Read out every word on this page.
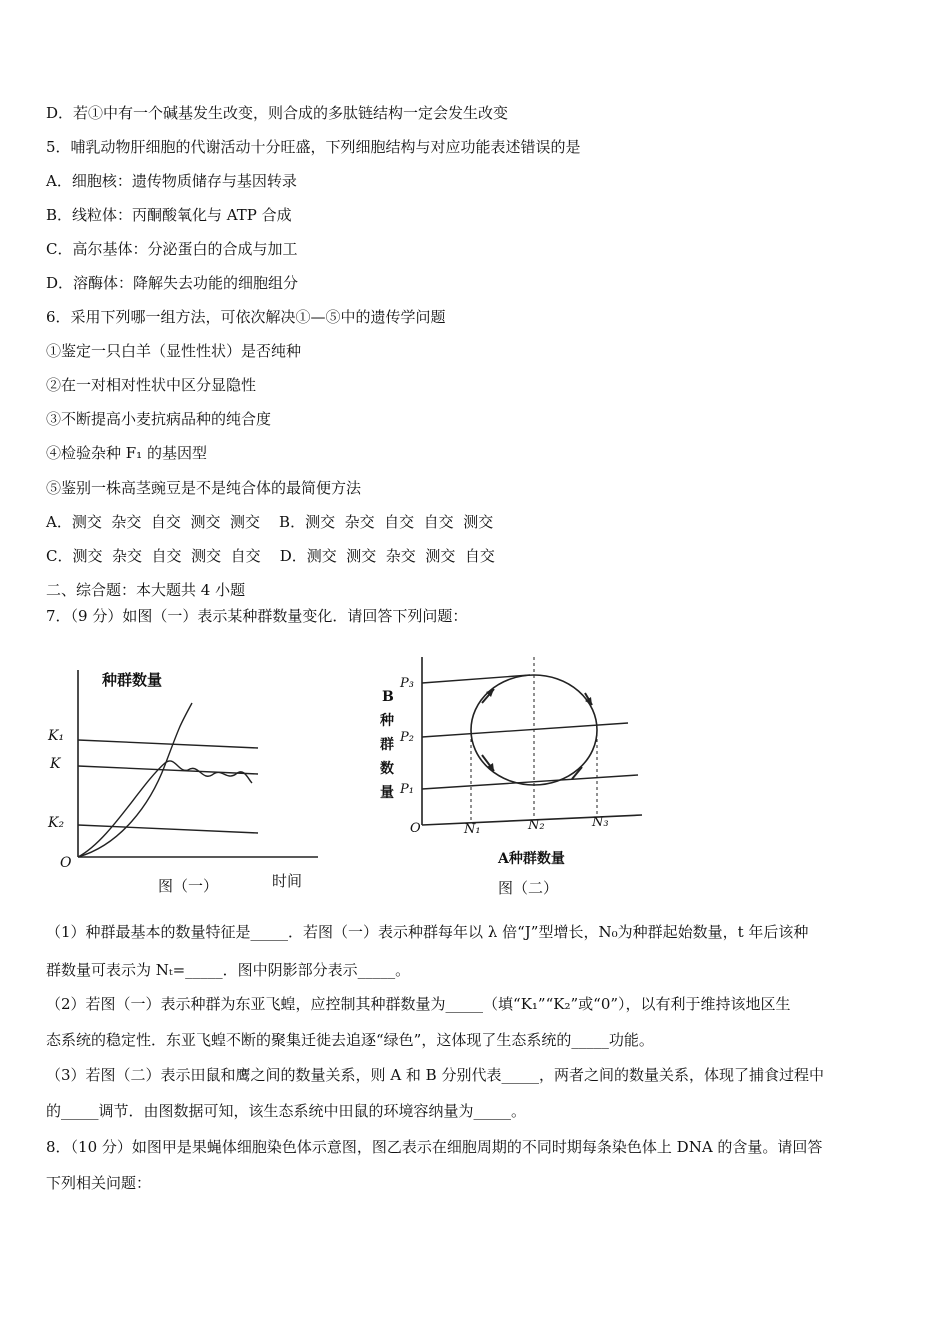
D．若①中有一个碱基发生改变，则合成的多肽链结构一定会发生改变
5．哺乳动物肝细胞的代谢活动十分旺盛，下列细胞结构与对应功能表述错误的是
A．细胞核：遗传物质储存与基因转录
B．线粒体：丙酮酸氧化与 ATP 合成
C．高尔基体：分泌蛋白的合成与加工
D．溶酶体：降解失去功能的细胞组分
6．采用下列哪一组方法，可依次解决①—⑤中的遗传学问题
①鉴定一只白羊（显性性状）是否纯种
②在一对相对性状中区分显隐性
③不断提高小麦抗病品种的纯合度
④检验杂种 F₁ 的基因型
⑤鉴别一株高茎豌豆是不是纯合体的最简便方法
A．测交  杂交  自交  测交  测交    B．测交  杂交  自交  自交  测交
C．测交  杂交  自交  测交  自交    D．测交  测交  杂交  测交  自交
二、综合题：本大题共 4 小题
7．（9 分）如图（一）表示某种群数量变化．请回答下列问题：
（1）种群最基本的数量特征是_____．若图（一）表示种群每年以 λ 倍“J”型增长，N₀为种群起始数量，t 年后该种
群数量可表示为 Nₜ=_____．图中阴影部分表示_____。
（2）若图（一）表示种群为东亚飞蝗，应控制其种群数量为_____（填“K₁”“K₂”或“0”），以有利于维持该地区生
态系统的稳定性．东亚飞蝗不断的聚集迁徙去追逐“绿色”，这体现了生态系统的_____功能。
（3）若图（二）表示田鼠和鹰之间的数量关系，则 A 和 B 分别代表_____，两者之间的数量关系，体现了捕食过程中
的_____调节．由图数据可知，该生态系统中田鼠的环境容纳量为_____。
8．（10 分）如图甲是果蝇体细胞染色体示意图，图乙表示在细胞周期的不同时期每条染色体上 DNA 的含量。请回答
下列相关问题：
种群数量
K₁
K
K₂
O
图（一）	时间
B
种
群
数
量
P₃
P₂
P₁
O	N₁	N₂	N₃
A种群数量
图（二）
